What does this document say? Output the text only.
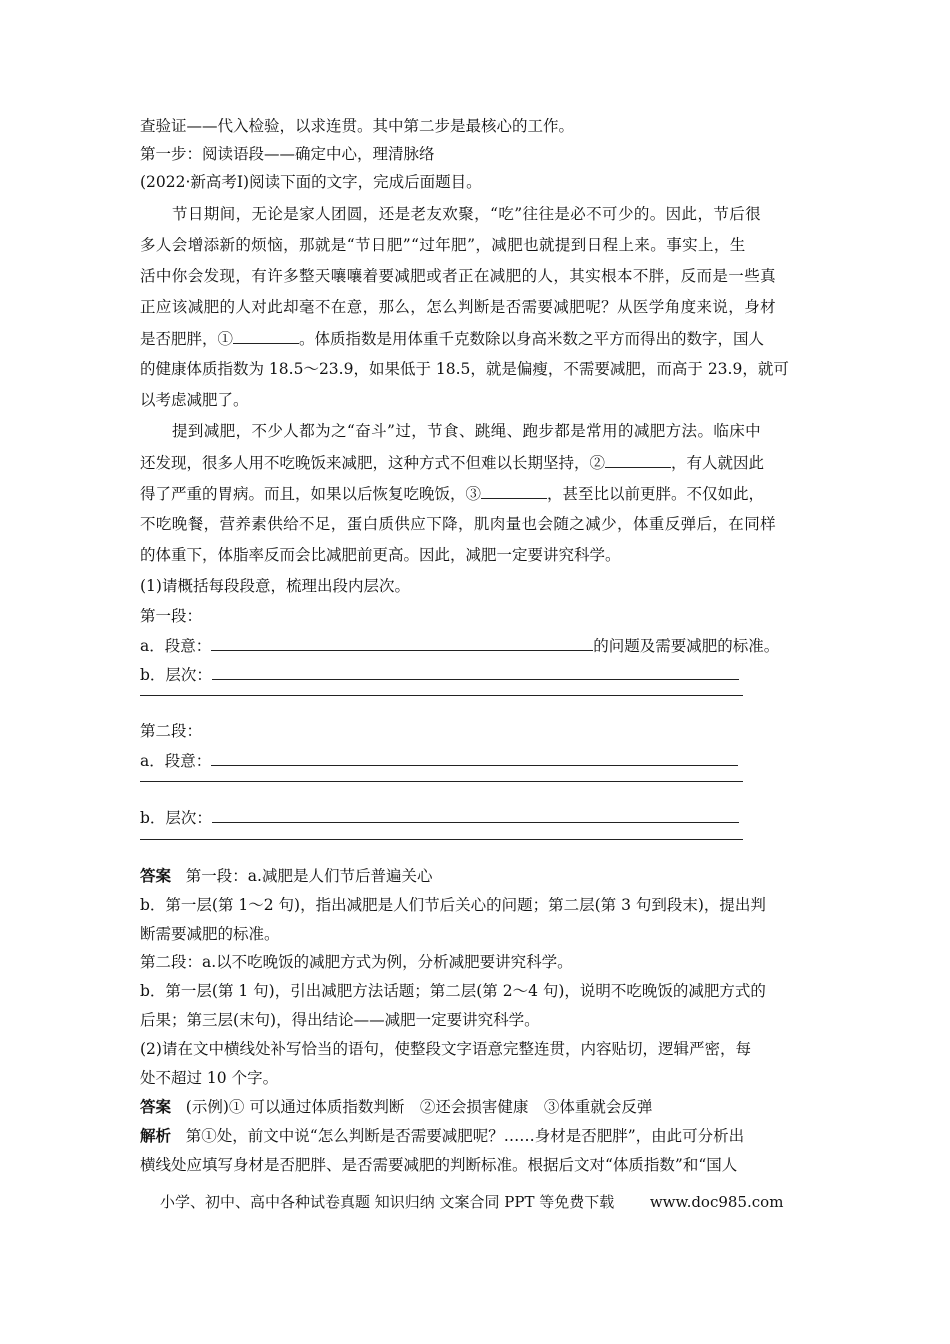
查验证——代入检验，以求连贯。其中第二步是最核心的工作。
第一步：阅读语段——确定中心，理清脉络
(2022·新高考Ⅰ)阅读下面的文字，完成后面题目。
节日期间，无论是家人团圆，还是老友欢聚，“吃”往往是必不可少的。因此，节后很
多人会增添新的烦恼，那就是“节日肥”“过年肥”，减肥也就提到日程上来。事实上，生
活中你会发现，有许多整天嚷嚷着要减肥或者正在减肥的人，其实根本不胖，反而是一些真
正应该减肥的人对此却毫不在意，那么，怎么判断是否需要减肥呢？从医学角度来说，身材
是否肥胖，①	。体质指数是用体重千克数除以身高米数之平方而得出的数字，国人
的健康体质指数为 18.5～23.9，如果低于 18.5，就是偏瘦，不需要减肥，而高于 23.9，就可
以考虑减肥了。
提到减肥，不少人都为之“奋斗”过，节食、跳绳、跑步都是常用的减肥方法。临床中
还发现，很多人用不吃晚饭来减肥，这种方式不但难以长期坚持，②	，有人就因此
得了严重的胃病。而且，如果以后恢复吃晚饭，③	，甚至比以前更胖。不仅如此，
不吃晚餐，营养素供给不足，蛋白质供应下降，肌肉量也会随之减少，体重反弹后，在同样
的体重下，体脂率反而会比减肥前更高。因此，减肥一定要讲究科学。
(1)请概括每段段意，梳理出段内层次。
第一段：
a．段意：	的问题及需要减肥的标准。
b．层次：
第二段：
a．段意：
b．层次：
答案 第一段：a.减肥是人们节后普遍关心
b．第一层(第 1～2 句)，指出减肥是人们节后关心的问题；第二层(第 3 句到段末)，提出判
断需要减肥的标准。
第二段：a.以不吃晚饭的减肥方式为例，分析减肥要讲究科学。
b．第一层(第 1 句)，引出减肥方法话题；第二层(第 2～4 句)，说明不吃晚饭的减肥方式的
后果；第三层(末句)，得出结论——减肥一定要讲究科学。
(2)请在文中横线处补写恰当的语句，使整段文字语意完整连贯，内容贴切，逻辑严密，每
处不超过 10 个字。
答案 (示例)① 可以通过体质指数判断　②还会损害健康　③体重就会反弹
解析 第①处，前文中说“怎么判断是否需要减肥呢？……身材是否肥胖”，由此可分析出
横线处应填写身材是否肥胖、是否需要减肥的判断标准。根据后文对“体质指数”和“国人
小学、初中、高中各种试卷真题 知识归纳 文案合同 PPT 等免费下载 www.doc985.com
